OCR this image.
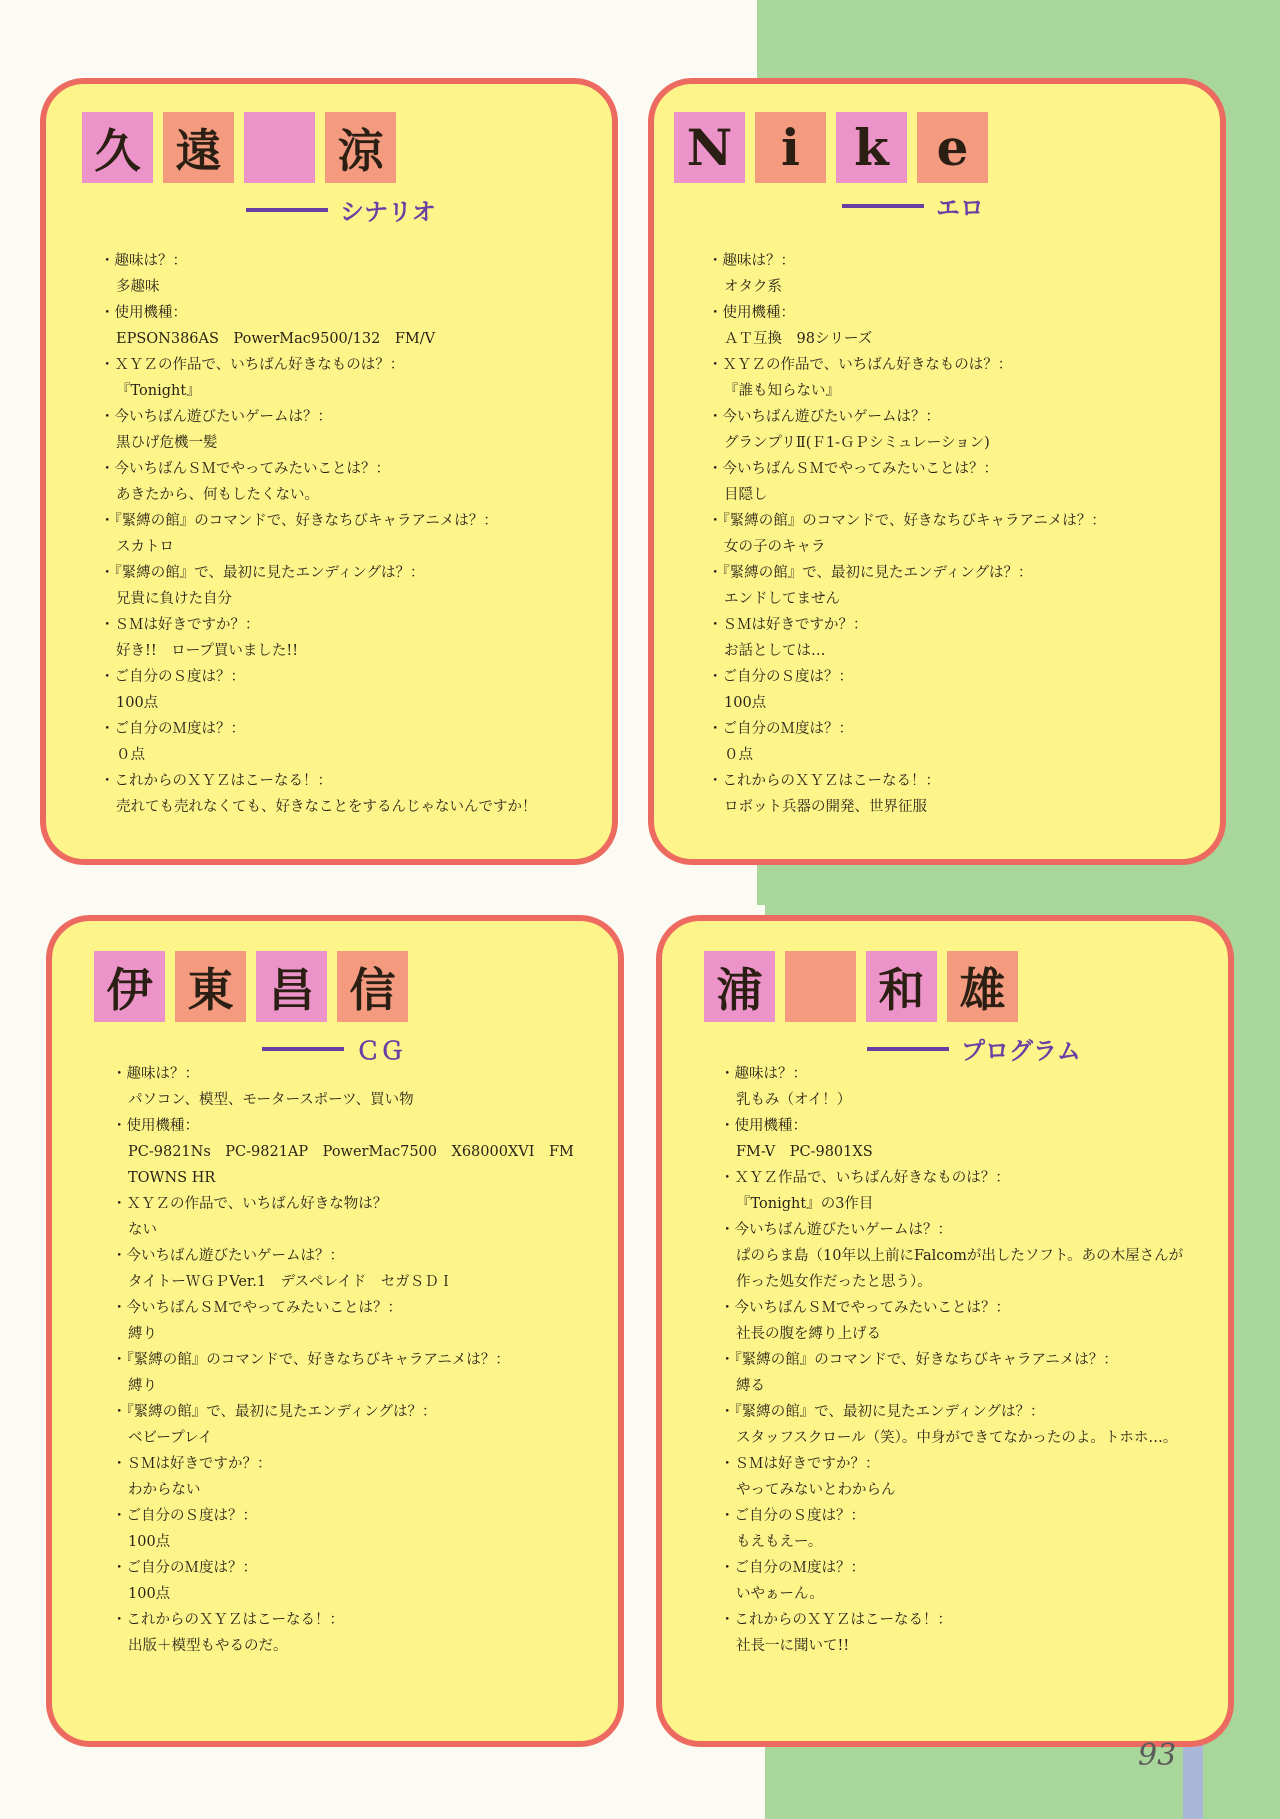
久 遠	涼
シナリオ
・ 趣味は？：
多趣味
・ 使用機種：
EPSON386AS　PowerMac9500/132　FM/V
・ ＸＹＺの作品で、いちばん好きなものは？：
『Tonight』
・ 今いちばん遊びたいゲームは？：
黒ひげ危機一髪
・ 今いちばんＳＭでやってみたいことは？：
あきたから、何もしたくない。
・ 『緊縛の館』のコマンドで、好きなちびキャラアニメは？：
スカトロ
・ 『緊縛の館』で、最初に見たエンディングは？：
兄貴に負けた自分
・ ＳＭは好きですか？：
好き!!　ロープ買いました!!
・ ご自分のＳ度は？：
100点
・ ご自分のＭ度は？：
０点
・ これからのＸＹＺはこーなる！：
売れても売れなくても、好きなことをするんじゃないんですか！
N i	k e
エロ
・ 趣味は？：
オタク系
・ 使用機種：
ＡＴ互換　98シリーズ
・ ＸＹＺの作品で、いちばん好きなものは？：
『誰も知らない』
・ 今いちばん遊びたいゲームは？：
グランプリⅡ(Ｆ1-ＧＰシミュレーション)
・ 今いちばんＳＭでやってみたいことは？：
目隠し
・ 『緊縛の館』のコマンドで、好きなちびキャラアニメは？：
女の子のキャラ
・ 『緊縛の館』で、最初に見たエンディングは？：
エンドしてません
・ ＳＭは好きですか？：
お話としては…
・ ご自分のＳ度は？：
100点
・ ご自分のＭ度は？：
０点
・ これからのＸＹＺはこーなる！：
ロボット兵器の開発、世界征服
伊 東 昌 信
ＣＧ
・ 趣味は？：
パソコン、模型、モータースポーツ、買い物
・ 使用機種：
PC-9821Ns　PC-9821AP　PowerMac7500　X68000XVI　FM TOWNS HR
・ ＸＹＺの作品で、いちばん好きな物は？
ない
・ 今いちばん遊びたいゲームは？：
タイトーＷＧＰVer.1　デスペレイド　セガＳＤＩ
・ 今いちばんＳＭでやってみたいことは？：
縛り
・ 『緊縛の館』のコマンドで、好きなちびキャラアニメは？：
縛り
・ 『緊縛の館』で、最初に見たエンディングは？：
ベビープレイ
・ ＳＭは好きですか？：
わからない
・ ご自分のＳ度は？：
100点
・ ご自分のＭ度は？：
100点
・ これからのＸＹＺはこーなる！：
出版＋模型もやるのだ。
浦	和 雄
プログラム
・ 趣味は？：
乳もみ（オイ！）
・ 使用機種：
FM-V　PC-9801XS
・ ＸＹＺ作品で、いちばん好きなものは？：
『Tonight』の3作目
・ 今いちばん遊びたいゲームは？：
ぱのらま島（10年以上前にFalcomが出したソフト。あの木屋さんが作った処女作だったと思う）。
・ 今いちばんＳＭでやってみたいことは？：
社長の腹を縛り上げる
・ 『緊縛の館』のコマンドで、好きなちびキャラアニメは？：
縛る
・ 『緊縛の館』で、最初に見たエンディングは？：
スタッフスクロール（笑）。中身ができてなかったのよ。トホホ…。
・ ＳＭは好きですか？：
やってみないとわからん
・ ご自分のＳ度は？：
もえもえー。
・ ご自分のＭ度は？：
いやぁーん。
・ これからのＸＹＺはこーなる！：
社長一に聞いて!!
93
